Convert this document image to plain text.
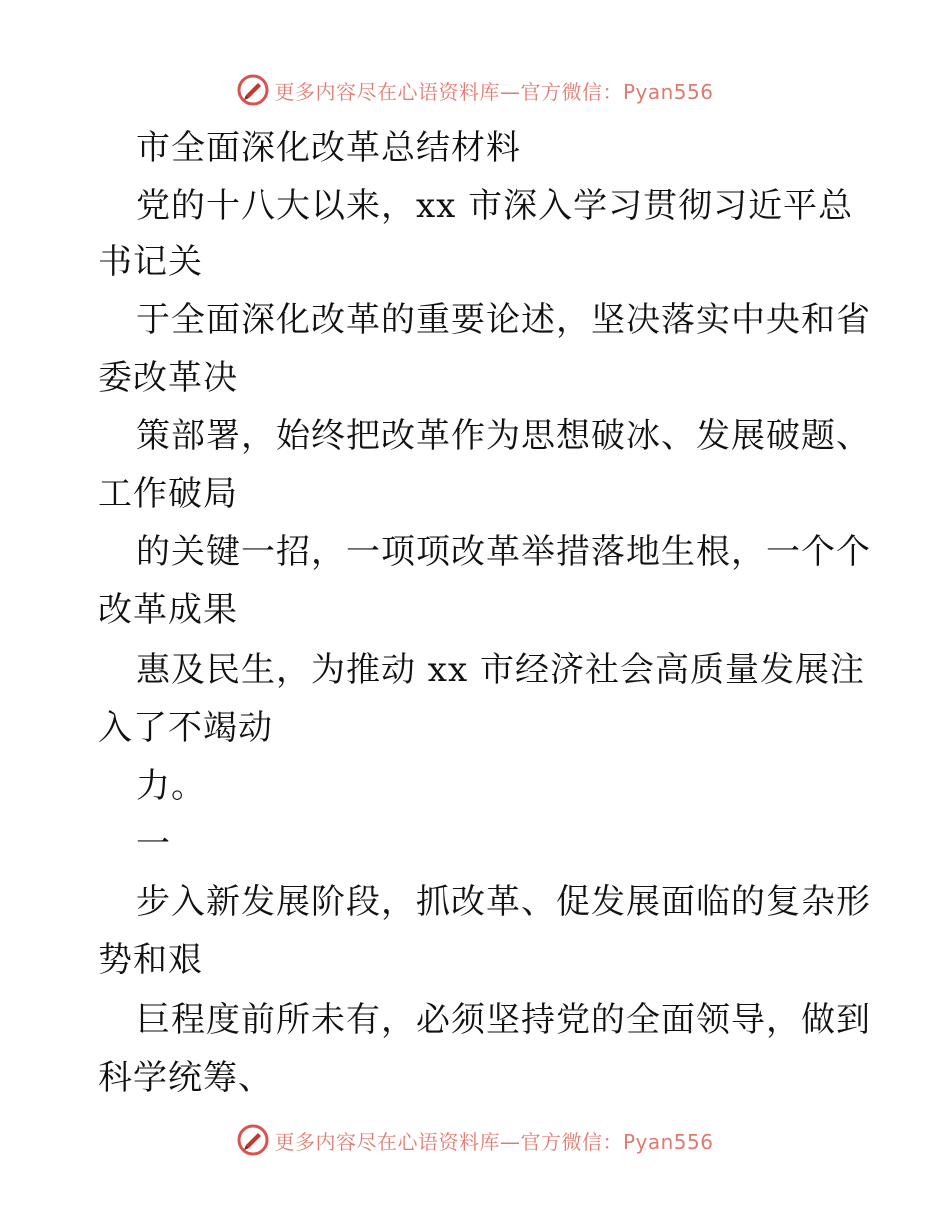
更多内容尽在心语资料库—官方微信：Pyan556
市全面深化改革总结材料
党的十八大以来，xx 市深入学习贯彻习近平总
书记关
于全面深化改革的重要论述，坚决落实中央和省
委改革决
策部署，始终把改革作为思想破冰、发展破题、
工作破局
的关键一招，一项项改革举措落地生根，一个个
改革成果
惠及民生，为推动 xx 市经济社会高质量发展注
入了不竭动
力。
一
步入新发展阶段，抓改革、促发展面临的复杂形
势和艰
巨程度前所未有，必须坚持党的全面领导，做到
科学统筹、
更多内容尽在心语资料库—官方微信：Pyan556
